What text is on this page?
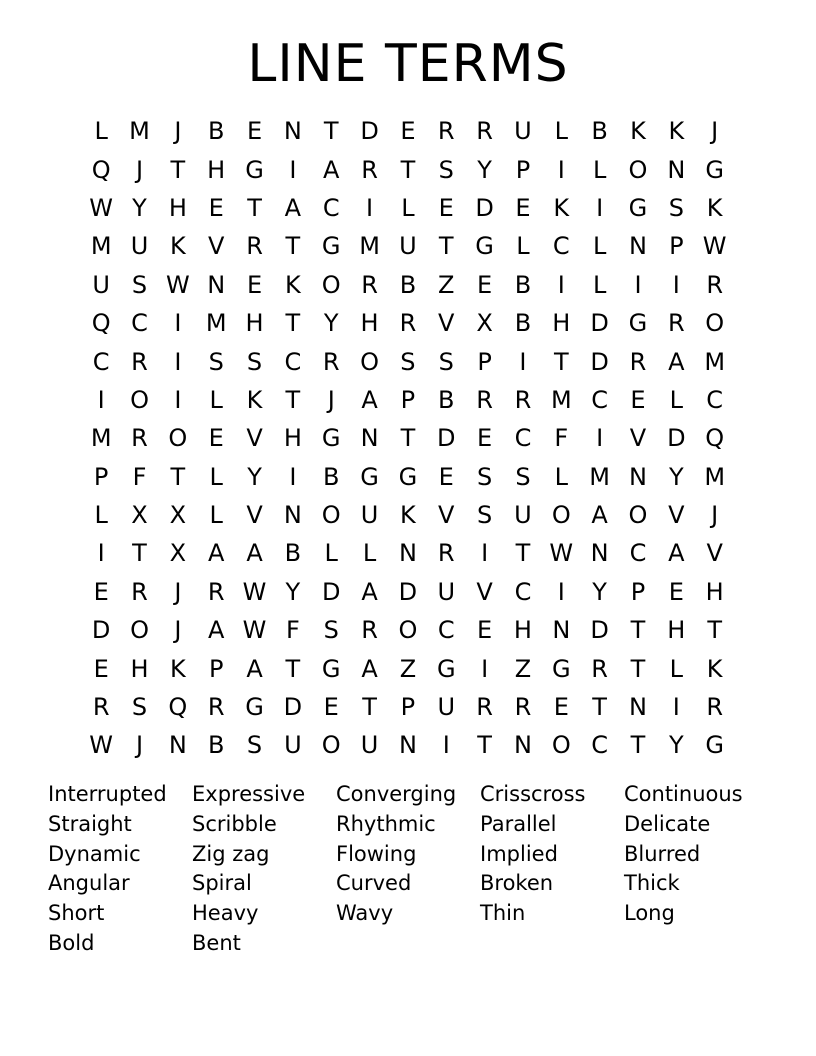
LINE TERMS
L M	J	B E N T D E R R U L B K K	J
Q	J	T H G	I	A R T S Y P	I	L O N G
W Y H E T A C	I	L	E D E K	I	G S K
M U K V R T G M U T G L C L N P W
U S W N E K O R B Z E B	I	L	I	I	R
Q C	I	M H T Y H R V X B H D G R O
C R	I	S S C R O S S P	I	T D R A M
I	O	I	L K T	J	A P B R R M C E	L C
M R O E V H G N T D E C F	I	V D Q
P	F	T	L	Y	I	B G G E S S	L M N Y M
L X X L V N O U K V S U O A O V	J
I	T X A A B L	L N R	I	T W N C A V
E R	J	R W Y D A D U V C	I	Y P E H
D O	J	A W F S R O C E H N D T H T
E H K P A T G A Z G	I	Z G R T	L K
R S Q R G D E T P U R R E T N	I	R
W J	N B S U O U N	I	T N O C T Y G
Interrupted	Expressive	Converging	Crisscross	Continuous
Straight	Scribble	Rhythmic	Parallel	Delicate
Dynamic	Zig zag	Flowing	Implied	Blurred
Angular	Spiral	Curved	Broken	Thick
Short	Heavy	Wavy	Thin	Long
Bold	Bent
